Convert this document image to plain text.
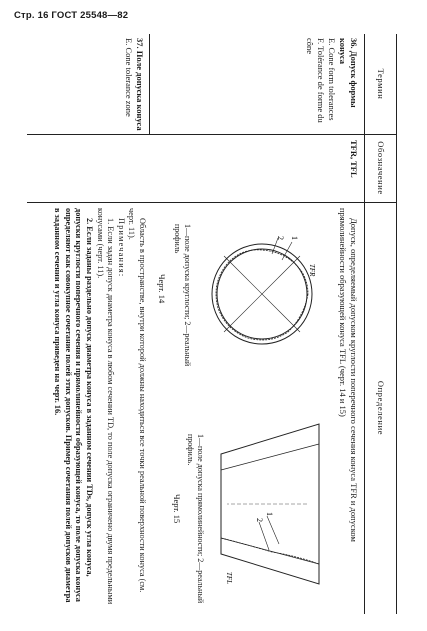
Стр. 16 ГОСТ 25548—82
Термин
Обозначение
Определение
36. Допуск формы конуса
E. Cone form tolerances
F. Tolérance de forme du cône
TFR, TFL

Допуск, определяемый допуском круглости поперечного сечения конуса TFR и допуском прямолинейности образующей конуса TFL (черт. 14 и 15)

1
2
TFR
1—поле допуска круглости; 2—реальный профиль
Черт. 14
1
2
TFL
1—поле допуска прямолинейности; 2—реальный профиль.
Черт. 15
37. Поле допуска конуса
E. Cone tolerance zone

Область в пространстве, внутри которой должны находиться все точки реальной поверхности конуса (см. черт. 11).

Примечания:

1. Если задан допуск диаметра конуса в любом сечении TD, то поле допуска ограничено двумя предельными конусами (черт. 11).

2. Если заданы раздельно допуск диаметра конуса в заданном сечении TDs, допуск угла конуса, допуски круглости поперечного сечения и прямолинейности образующей конуса, то поле допуска конуса определяют как совокупное сочетание полей этих допусков. Пример сочетания полей допусков диаметра в заданном сечении и угла конуса приведен на черт. 16.
